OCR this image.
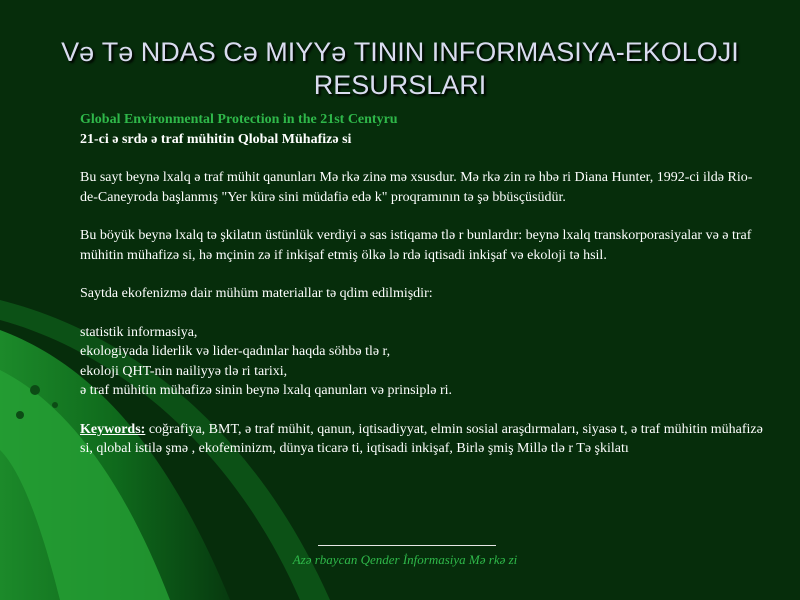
Vә Tә NDAS Cә MIYYә TININ INFORMASIYA-EKOLOJI RESURSLARI
Global Environmental Protection in the 21st Centyru
21-ci ә srdә ә traf mühitin Qlobal Mühafizә si

Bu sayt beynә lxalq ә traf mühit qanunları Mә rkә zinә mә xsusdur. Mә rkә zin rә hbә ri Diana Hunter, 1992-ci ildә Rio-de-Caneyroda başlanmış "Yer kürә sini müdafiә edә k" proqramının tә şә bbüsçüsüdür.

Bu böyük beynә lxalq tә şkilatın üstünlük verdiyi ә sas istiqamә tlә r bunlardır: beynә lxalq transkorporasiyalar vә ә traf mühitin mühafizә si, hә mçinin zә if inkişaf etmiş ölkә lә rdә iqtisadi inkişaf vә ekoloji tә hsil.

Saytda ekofenizmә dair mühüm materiallar tә qdim edilmişdir:

statistik informasiya,
ekologiyada liderlik vә lider-qadınlar haqda söhbә tlә r,
ekoloji QHT-nin nailiyyә tlә ri tarixi,
ә traf mühitin mühafizә sinin beynә lxalq qanunları vә prinsiplә ri.

Keywords: coğrafiya, BMT, ә traf mühit, qanun, iqtisadiyyat, elmin sosial araşdırmaları, siyasә t, ә traf mühitin mühafizә si, qlobal istilә şmә , ekofeminizm, dünya ticarә ti, iqtisadi inkişaf, Birlә şmiş Millә tlә r Tә şkilatı

Azә rbaycan Qender İnformasiya Mә rkә zi
